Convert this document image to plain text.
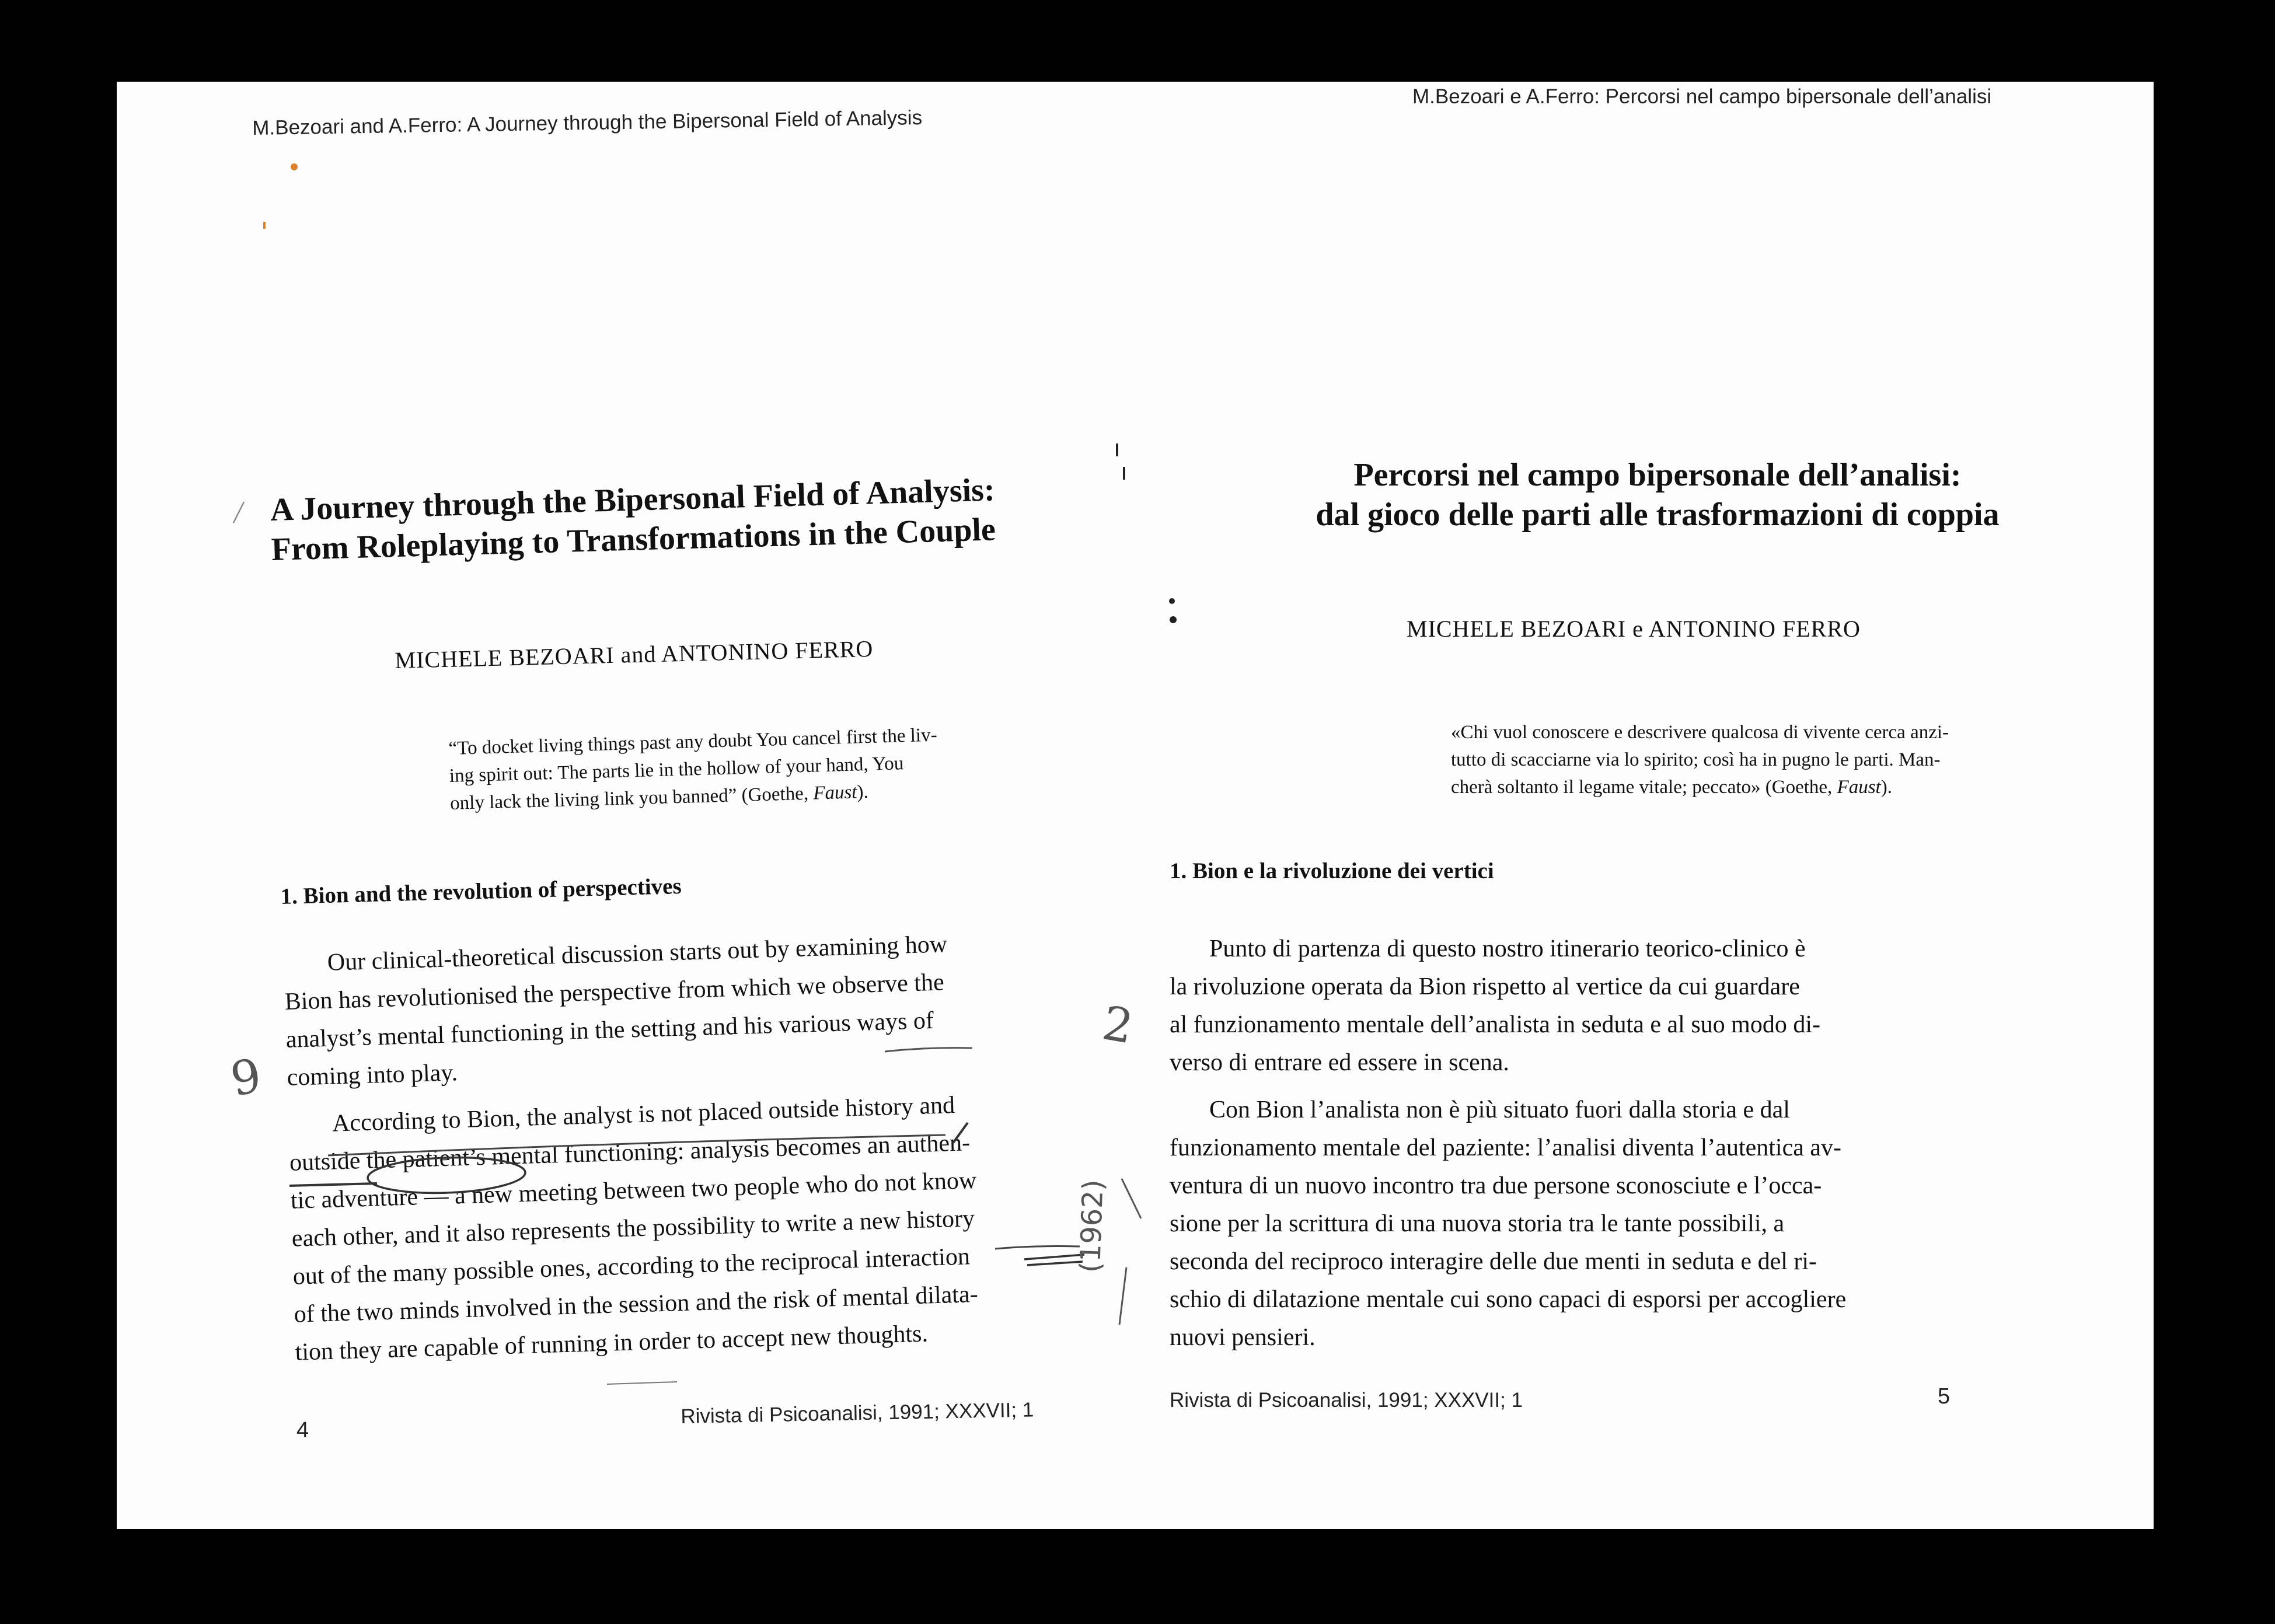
M.Bezoari and A.Ferro: A Journey through the Bipersonal Field of Analysis
A Journey through the Bipersonal Field of Analysis:
From Roleplaying to Transformations in the Couple
MICHELE BEZOARI and ANTONINO FERRO
“To docket living things past any doubt You cancel first the liv-
ing spirit out: The parts lie in the hollow of your hand, You
only lack the living link you banned” (Goethe, Faust).
1. Bion and the revolution of perspectives
Our clinical-theoretical discussion starts out by examining how
Bion has revolutionised the perspective from which we observe the
analyst’s mental functioning in the setting and his various ways of
coming into play.
According to Bion, the analyst is not placed outside history and
outside the patient’s mental functioning: analysis becomes an authen-
tic adventure — a new meeting between two people who do not know
each other, and it also represents the possibility to write a new history
out of the many possible ones, according to the reciprocal interaction
of the two minds involved in the session and the risk of mental dilata-
tion they are capable of running in order to accept new thoughts.
Rivista di Psicoanalisi, 1991; XXXVII; 1
4
M.Bezoari e A.Ferro: Percorsi nel campo bipersonale dell’analisi
Percorsi nel campo bipersonale dell’analisi:
dal gioco delle parti alle trasformazioni di coppia
MICHELE BEZOARI e ANTONINO FERRO
«Chi vuol conoscere e descrivere qualcosa di vivente cerca anzi-
tutto di scacciarne via lo spirito; così ha in pugno le parti. Man-
cherà soltanto il legame vitale; peccato» (Goethe, Faust).
1. Bion e la rivoluzione dei vertici
Punto di partenza di questo nostro itinerario teorico-clinico è
la rivoluzione operata da Bion rispetto al vertice da cui guardare
al funzionamento mentale dell’analista in seduta e al suo modo di-
verso di entrare ed essere in scena.
Con Bion l’analista non è più situato fuori dalla storia e dal
funzionamento mentale del paziente: l’analisi diventa l’autentica av-
ventura di un nuovo incontro tra due persone sconosciute e l’occa-
sione per la scrittura di una nuova storia tra le tante possibili, a
seconda del reciproco interagire delle due menti in seduta e del ri-
schio di dilatazione mentale cui sono capaci di esporsi per accogliere
nuovi pensieri.
Rivista di Psicoanalisi, 1991; XXXVII; 1	5
9
2
(1962)
